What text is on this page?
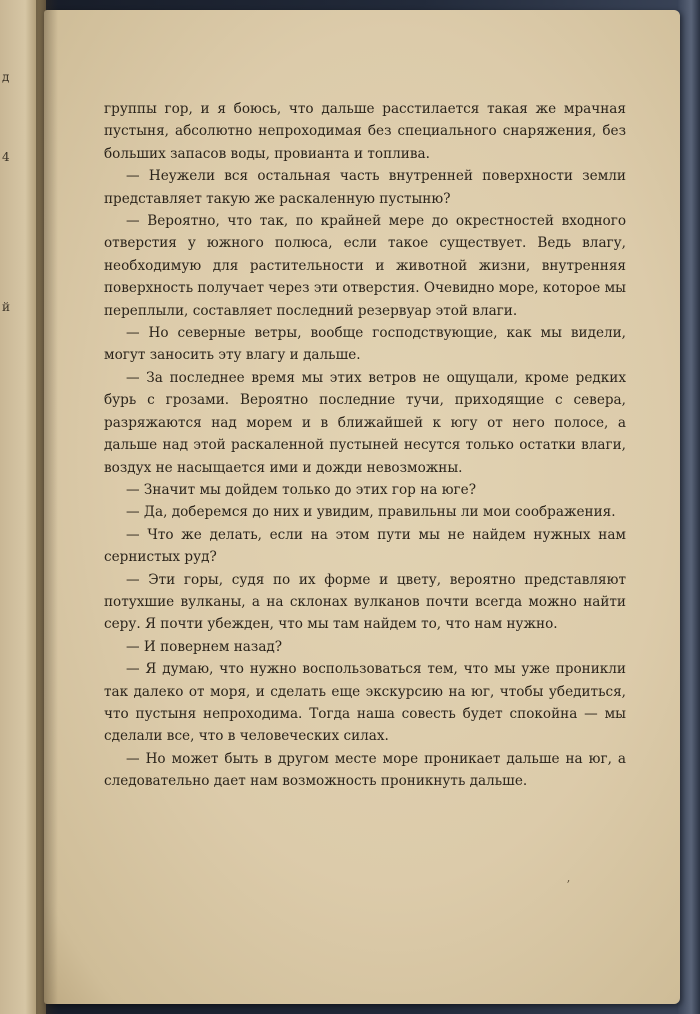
д
4
й

группы гор, и я боюсь, что дальше расстилается такая же мрачная пустыня, абсолютно непроходимая без специального снаряжения, без больших запасов воды, провианта и топлива.

— Неужели вся остальная часть внутренней поверхности земли представляет такую же раскаленную пустыню?

— Вероятно, что так, по крайней мере до окрестностей входного отверстия у южного полюса, если такое существует. Ведь влагу, необходимую для растительности и животной жизни, внутренняя поверхность получает через эти отверстия. Очевидно море, которое мы переплыли, составляет последний резервуар этой влаги.

— Но северные ветры, вообще господствующие, как мы видели, могут заносить эту влагу и дальше.

— За последнее время мы этих ветров не ощущали, кроме редких бурь с грозами. Вероятно последние тучи, приходящие с севера, разряжаются над морем и в ближайшей к югу от него полосе, а дальше над этой раскаленной пустыней несутся только остатки влаги, воздух не насыщается ими и дожди невозможны.

— Значит мы дойдем только до этих гор на юге?

— Да, доберемся до них и увидим, правильны ли мои соображения.

— Что же делать, если на этом пути мы не найдем нужных нам сернистых руд?

— Эти горы, судя по их форме и цвету, вероятно представляют потухшие вулканы, а на склонах вулканов почти всегда можно найти серу. Я почти убежден, что мы там найдем то, что нам нужно.

— И повернем назад?

— Я думаю, что нужно воспользоваться тем, что мы уже проникли так далеко от моря, и сделать еще экскурсию на юг, чтобы убедиться, что пустыня непроходима. Тогда наша совесть будет спокойна — мы сделали все, что в человеческих силах.

— Но может быть в другом месте море проникает дальше на юг, а следовательно дает нам возможность проникнуть дальше.

ʼ
